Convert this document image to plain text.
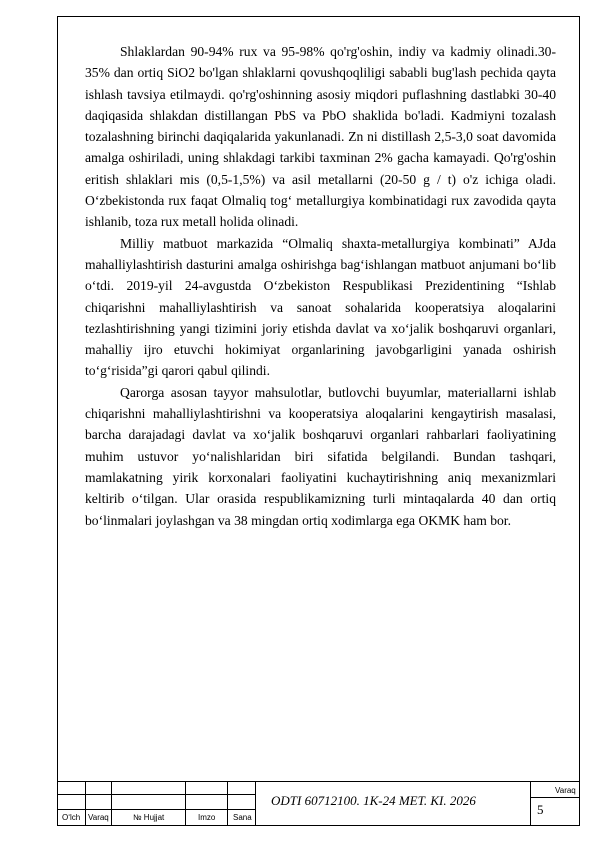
Shlaklardan 90-94% rux va 95-98% qo'rg'oshin, indiy va kadmiy olinadi.30-35% dan ortiq SiO2 bo'lgan shlaklarni qovushqoqliligi sababli bug'lash pechida qayta ishlash tavsiya etilmaydi. qo'rg'oshinning asosiy miqdori puflashning dastlabki 30-40 daqiqasida shlakdan distillangan PbS va PbO shaklida bo'ladi. Kadmiyni tozalash tozalashning birinchi daqiqalarida yakunlanadi. Zn ni distillash 2,5-3,0 soat davomida amalga oshiriladi, uning shlakdagi tarkibi taxminan 2% gacha kamayadi. Qo'rg'oshin eritish shlaklari mis (0,5-1,5%) va asil metallarni (20-50 g / t) o'z ichiga oladi. O‘zbekistonda rux faqat Olmaliq tog‘ metallurgiya kombinatidagi rux zavodida qayta ishlanib, toza rux metall holida olinadi.

Milliy matbuot markazida “Olmaliq shaxta-metallurgiya kombinati” AJda mahalliylashtirish dasturini amalga oshirishga bag‘ishlangan matbuot anjumani bo‘lib o‘tdi. 2019-yil 24-avgustda O‘zbekiston Respublikasi Prezidentining “Ishlab chiqarishni mahalliylashtirish va sanoat sohalarida kooperatsiya aloqalarini tezlashtirishning yangi tizimini joriy etishda davlat va xo‘jalik boshqaruvi organlari, mahalliy ijro etuvchi hokimiyat organlarining javobgarligini yanada oshirish to‘g‘risida”gi qarori qabul qilindi.

Qarorga asosan tayyor mahsulotlar, butlovchi buyumlar, materiallarni ishlab chiqarishni mahalliylashtirishni va kooperatsiya aloqalarini kengaytirish masalasi, barcha darajadagi davlat va xo‘jalik boshqaruvi organlari rahbarlari faoliyatining muhim ustuvor yo‘nalishlaridan biri sifatida belgilandi. Bundan tashqari, mamlakatning yirik korxonalari faoliyatini kuchaytirishning aniq mexanizmlari keltirib o‘tilgan. Ular orasida respublikamizning turli mintaqalarda 40 dan ortiq bo‘linmalari joylashgan va 38 mingdan ortiq xodimlarga ega OKMK ham bor.

O‘lch Varaq	№ Hujjat	Imzo Sana
ODTI 60712100. 1K-24 MET. KI. 2026
Varaq
5
